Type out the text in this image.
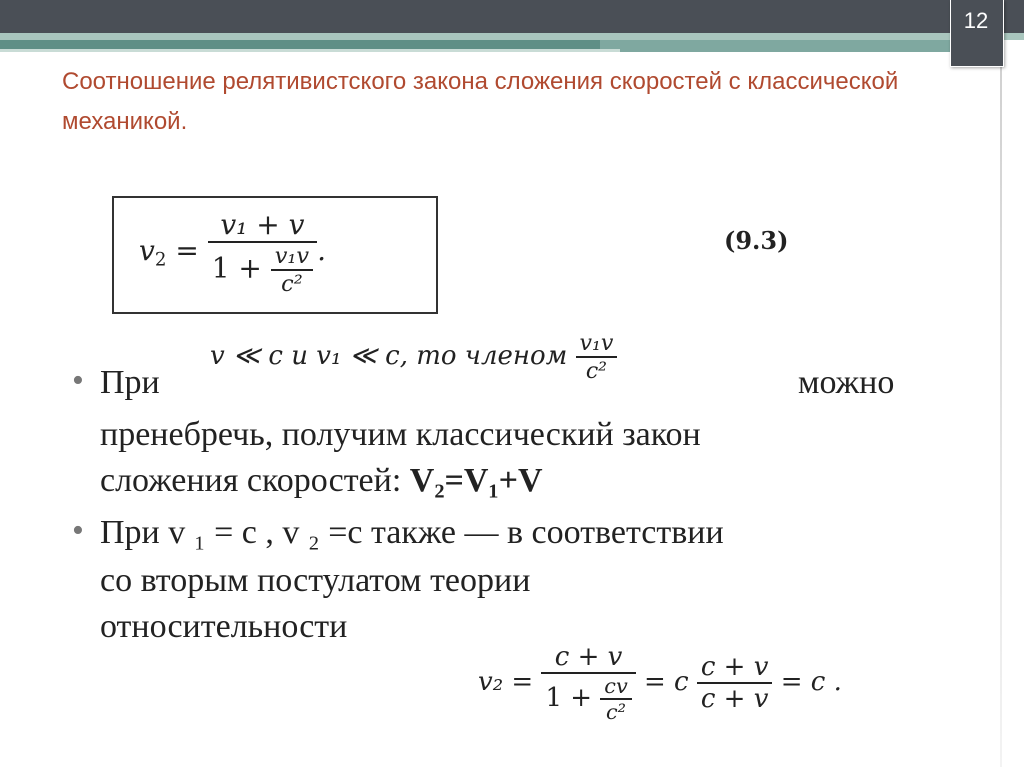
12
Соотношение релятивистского закона сложения скоростей с классической механикой.
$v_2 = \frac{\text{v₁ + v}}{1 + \frac{\text{v₁v}}{\text{c²}}}$ .	(9.3)
• При
v ≪ c и v₁ ≪ c, то членом $\frac{\text{v₁v}}{\text{c²}}$	можно
пренебречь, получим классический закон
сложения скоростей: V₂=V₁+V
• При v ₁ = с , v ₂ =с также — в соответствии
со вторым постулатом теории
относительности
$v_2 = \frac{c + v}{1 + \frac{cv}{\text{c²}}} = c \frac{c + v}{c + v} = c$ .
